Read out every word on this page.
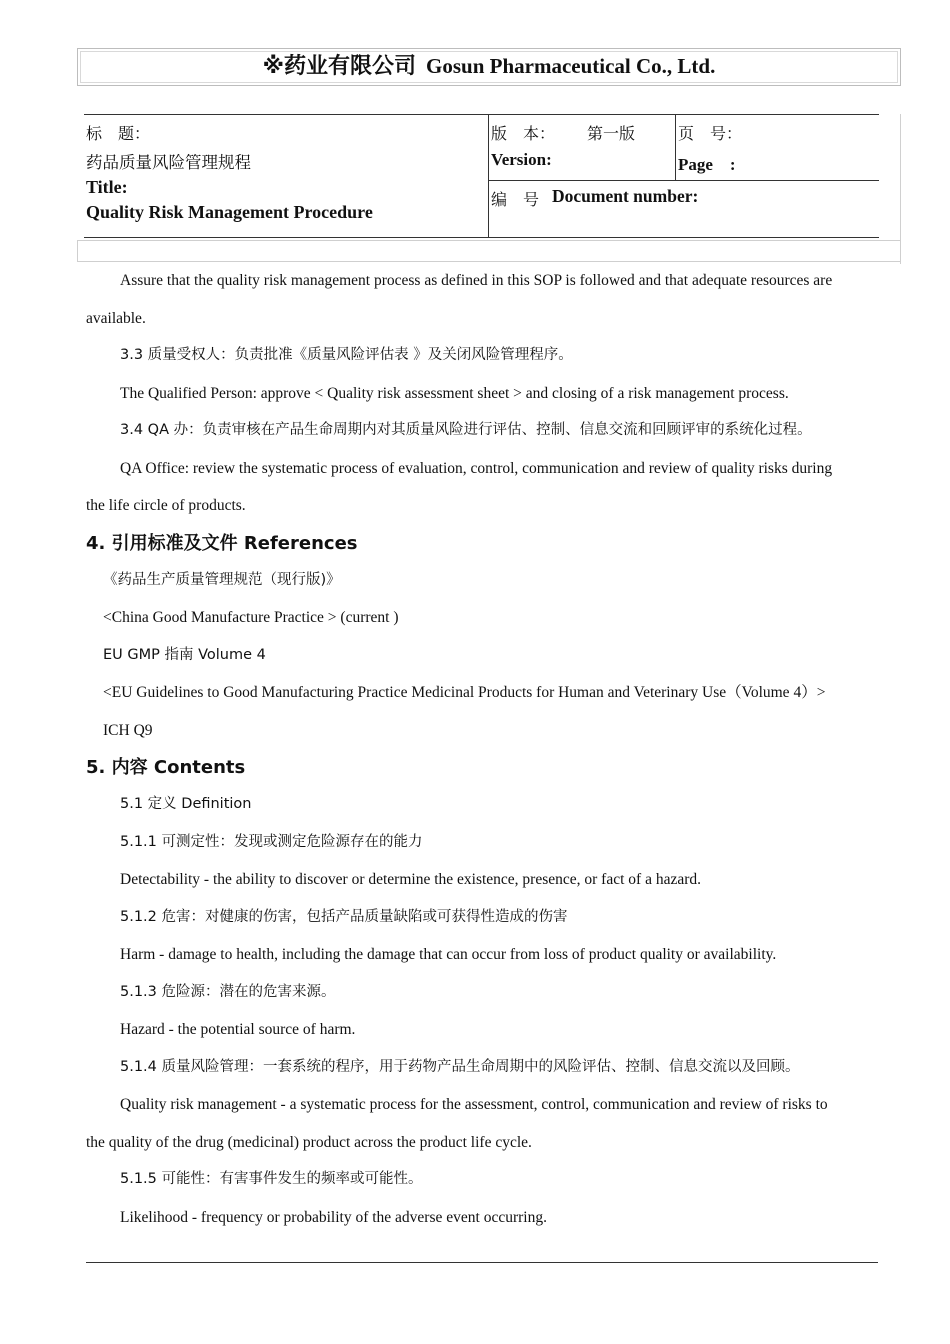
※药业有限公司 Gosun Pharmaceutical Co., Ltd.
标　题：
药品质量风险管理规程
Title:
Quality Risk Management Procedure
版　本： 第一版
Version:
页　号：
Page　:
编　号 Document number:
Assure that the quality risk management process as defined in this SOP is followed and that adequate resources are
available.
3.3 质量受权人：负责批准《质量风险评估表 》及关闭风险管理程序。
The Qualified Person: approve < Quality risk assessment sheet > and closing of a risk management process.
3.4 QA 办：负责审核在产品生命周期内对其质量风险进行评估、控制、信息交流和回顾评审的系统化过程。
QA Office: review the systematic process of evaluation, control, communication and review of quality risks during
the life circle of products.
4. 引用标准及文件 References
《药品生产质量管理规范（现行版)》
<China Good Manufacture Practice > (current )
EU GMP 指南 Volume 4
<EU Guidelines to Good Manufacturing Practice Medicinal Products for Human and Veterinary Use（Volume 4）>
ICH Q9
5. 内容 Contents
5.1 定义 Definition
5.1.1 可测定性：发现或测定危险源存在的能力
Detectability - the ability to discover or determine the existence, presence, or fact of a hazard.
5.1.2 危害：对健康的伤害，包括产品质量缺陷或可获得性造成的伤害
Harm - damage to health, including the damage that can occur from loss of product quality or availability.
5.1.3 危险源：潜在的危害来源。
Hazard - the potential source of harm.
5.1.4 质量风险管理：一套系统的程序，用于药物产品生命周期中的风险评估、控制、信息交流以及回顾。
Quality risk management - a systematic process for the assessment, control, communication and review of risks to
the quality of the drug (medicinal) product across the product life cycle.
5.1.5 可能性：有害事件发生的频率或可能性。
Likelihood - frequency or probability of the adverse event occurring.
